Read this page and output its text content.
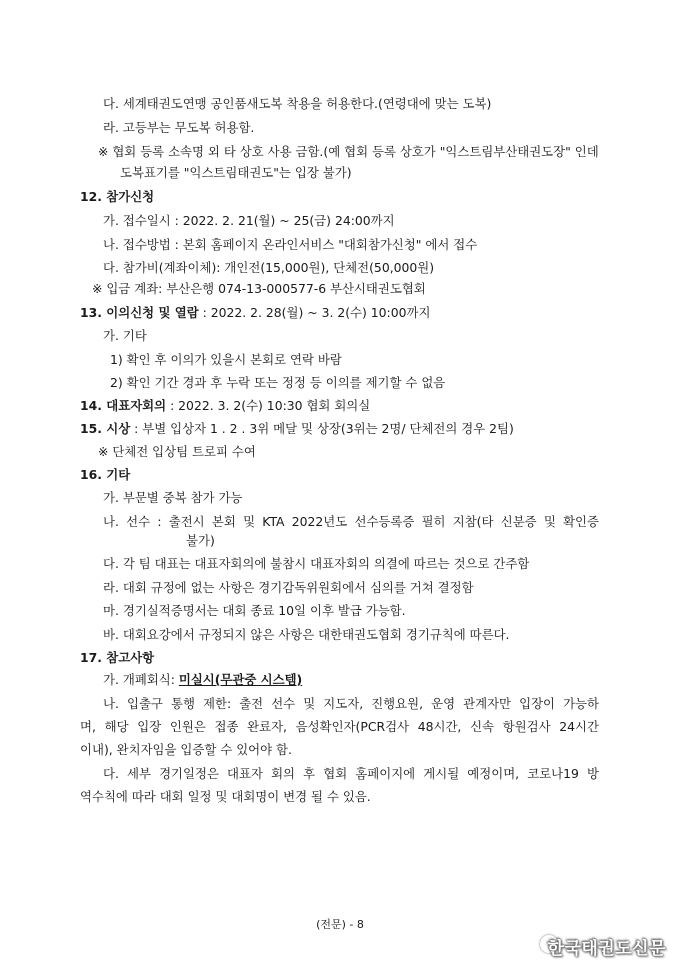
다. 세계태권도연맹 공인품새도복 착용을 허용한다.(연령대에 맞는 도복)
라. 고등부는 무도복 허용함.
※ 협회 등록 소속명 외 타 상호 사용 금함.(예 협회 등록 상호가 "익스트림부산태권도장" 인데
도복표기를 "익스트림태권도"는 입장 불가)
12. 참가신청
가. 접수일시 : 2022. 2. 21(월) ~ 25(금) 24:00까지
나. 접수방법 : 본회 홈페이지 온라인서비스 "대회참가신청" 에서 접수
다. 참가비(계좌이체): 개인전(15,000원), 단체전(50,000원)
※ 입금 계좌: 부산은행 074-13-000577-6 부산시태권도협회
13. 이의신청 및 열람 : 2022. 2. 28(월) ~ 3. 2(수) 10:00까지
가. 기타
1) 확인 후 이의가 있을시 본회로 연락 바람
2) 확인 기간 경과 후 누락 또는 정정 등 이의를 제기할 수 없음
14. 대표자회의 : 2022. 3. 2(수) 10:30 협회 회의실
15. 시상 : 부별 입상자 1 . 2 . 3위 메달 및 상장(3위는 2명/ 단체전의 경우 2팀)
※ 단체전 입상팀 트로피 수여
16. 기타
가. 부문별 중복 참가 가능
나. 선수 : 출전시 본회 및 KTA 2022년도 선수등록증 필히 지참(타 신분증 및 확인증
불가)
다. 각 팀 대표는 대표자회의에 불참시 대표자회의 의결에 따르는 것으로 간주함
라. 대회 규정에 없는 사항은 경기감독위원회에서 심의를 거쳐 결정함
마. 경기실적증명서는 대회 종료 10일 이후 발급 가능함.
바. 대회요강에서 규정되지 않은 사항은 대한태권도협회 경기규칙에 따른다.
17. 참고사항
가. 개폐회식: 미실시(무관중 시스템)
나. 입출구 통행 제한: 출전 선수 및 지도자, 진행요원, 운영 관계자만 입장이 가능하
며, 해당 입장 인원은 접종 완료자, 음성확인자(PCR검사 48시간, 신속 항원검사 24시간
이내), 완치자임을 입증할 수 있어야 함.
다. 세부 경기일정은 대표자 회의 후 협회 홈페이지에 게시될 예정이며, 코로나19 방
역수칙에 따라 대회 일정 및 대회명이 변경 될 수 있음.
(전문) - 8
한국태권도신문
